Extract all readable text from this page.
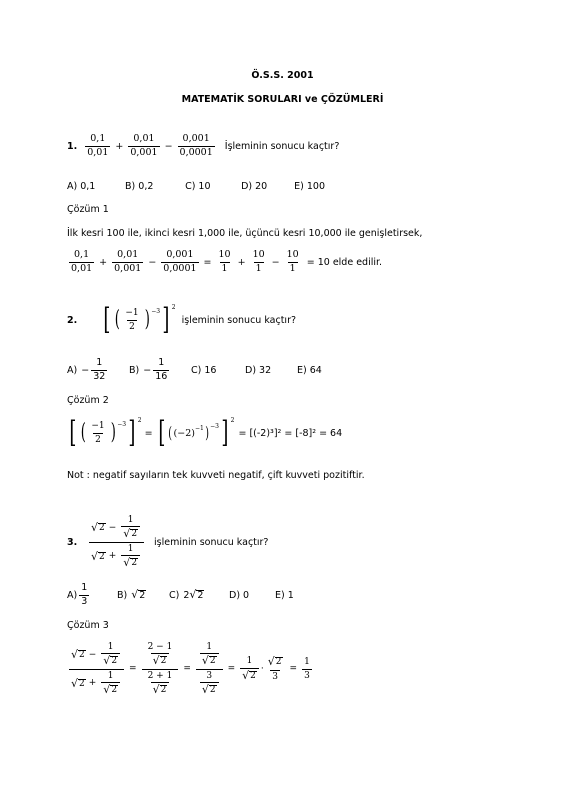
Ö.S.S. 2001
MATEMATİK SORULARI ve ÇÖZÜMLERİ
1. $\frac{0,1}{0,01} + \frac{0,01}{0,001} - \frac{0,001}{0,0001}$ İşleminin sonucu kaçtır?
A) 0,1	B) 0,2	C) 10	D) 20	E) 100
Çözüm 1
İlk kesri 100 ile, ikinci kesri 1,000 ile, üçüncü kesri 10,000 ile genişletirsek,
$\frac{0,1}{0,01} + \frac{0,01}{0,001} - \frac{0,001}{0,0001} = \frac{10}{1} + \frac{10}{1} - \frac{10}{1} = 10$ elde edilir.
2. [ ( $\frac{-1}{2}$ ) −3 ] 2
işleminin sonucu kaçtır?
$A) - \frac{1}{32} B) - \frac{1}{16} C$) 16	D) 32	E) 64
Çözüm 2
[ ( $\frac{-1}{2}$ ) −3 ] 2
= [ ( (−2) −1 ) −3 ] 2
= [(-2)³]² = [-8]² = 64
Not : negatif sayıların tek kuvveti negatif, çift kuvveti pozitiftir.
3.	$\frac{√ 2 - \frac{1}{√ 2}}{√ 2 + \frac{1}{√ 2}}$ işleminin sonucu kaçtır?
$A) \frac{1}{3}$	B) √ 2 C) 2 √ 2	D) 0	E) 1
Çözüm 3
$\frac{√ 2 - \frac{1}{√ 2}}{√ 2 + \frac{1}{√ 2}} = \frac{\frac{2 - 1}{√ 2}}{\frac{2 + 1}{√ 2}} = \frac{\frac{1}{√ 2}}{\frac{3}{√ 2}} = \frac{1}{√ 2} \cdot \frac{√ 2}{3} = \frac{1}{3}$
